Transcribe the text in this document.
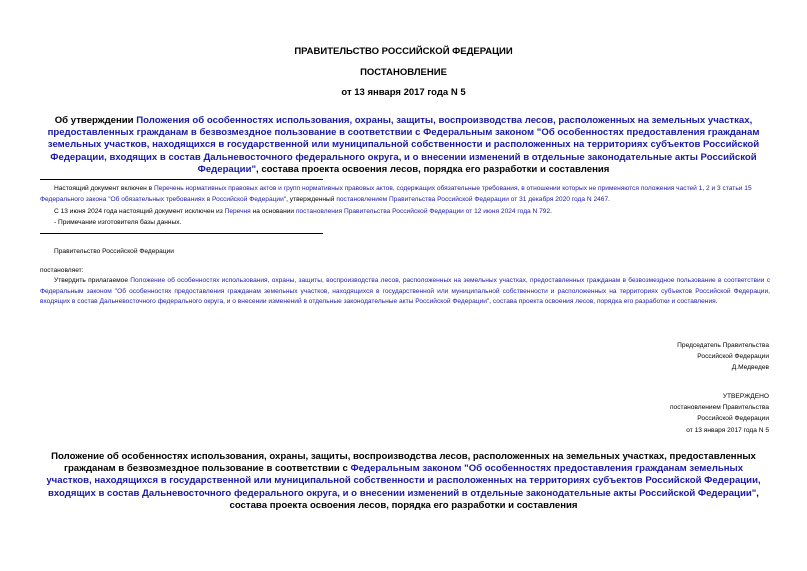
ПРАВИТЕЛЬСТВО РОССИЙСКОЙ ФЕДЕРАЦИИ
ПОСТАНОВЛЕНИЕ
от 13 января 2017 года N 5
Об утверждении Положения об особенностях использования, охраны, защиты, воспроизводства лесов, расположенных на земельных участках, предоставленных гражданам в безвозмездное пользование в соответствии с Федеральным законом "Об особенностях предоставления гражданам земельных участков, находящихся в государственной или муниципальной собственности и расположенных на территориях субъектов Российской Федерации, входящих в состав Дальневосточного федерального округа, и о внесении изменений в отдельные законодательные акты Российской Федерации", состава проекта освоения лесов, порядка его разработки и составления
Настоящий документ включен в Перечень нормативных правовых актов и групп нормативных правовых актов, содержащих обязательные требования, в отношении которых не применяются положения частей 1, 2 и 3 статьи 15 Федерального закона "Об обязательных требованиях в Российской Федерации", утвержденный постановлением Правительства Российской Федерации от 31 декабря 2020 года N 2467.
С 13 июня 2024 года настоящий документ исключен из Перечня на основании постановления Правительства Российской Федерации от 12 июня 2024 года N 792.
- Примечание изготовителя базы данных.
Правительство Российской Федерации
постановляет:
Утвердить прилагаемое Положение об особенностях использования, охраны, защиты, воспроизводства лесов, расположенных на земельных участках, предоставленных гражданам в безвозмездное пользование в соответствии с Федеральным законом "Об особенностях предоставления гражданам земельных участков, находящихся в государственной или муниципальной собственности и расположенных на территориях субъектов Российской Федерации, входящих в состав Дальневосточного федерального округа, и о внесении изменений в отдельные законодательные акты Российской Федерации", состава проекта освоения лесов, порядка его разработки и составления.
Председатель Правительства
Российской Федерации
Д.Медведев
УТВЕРЖДЕНО
постановлением Правительства
Российской Федерации
от 13 января 2017 года N 5
Положение об особенностях использования, охраны, защиты, воспроизводства лесов, расположенных на земельных участках, предоставленных гражданам в безвозмездное пользование в соответствии с Федеральным законом "Об особенностях предоставления гражданам земельных участков, находящихся в государственной или муниципальной собственности и расположенных на территориях субъектов Российской Федерации, входящих в состав Дальневосточного федерального округа, и о внесении изменений в отдельные законодательные акты Российской Федерации", состава проекта освоения лесов, порядка его разработки и составления
